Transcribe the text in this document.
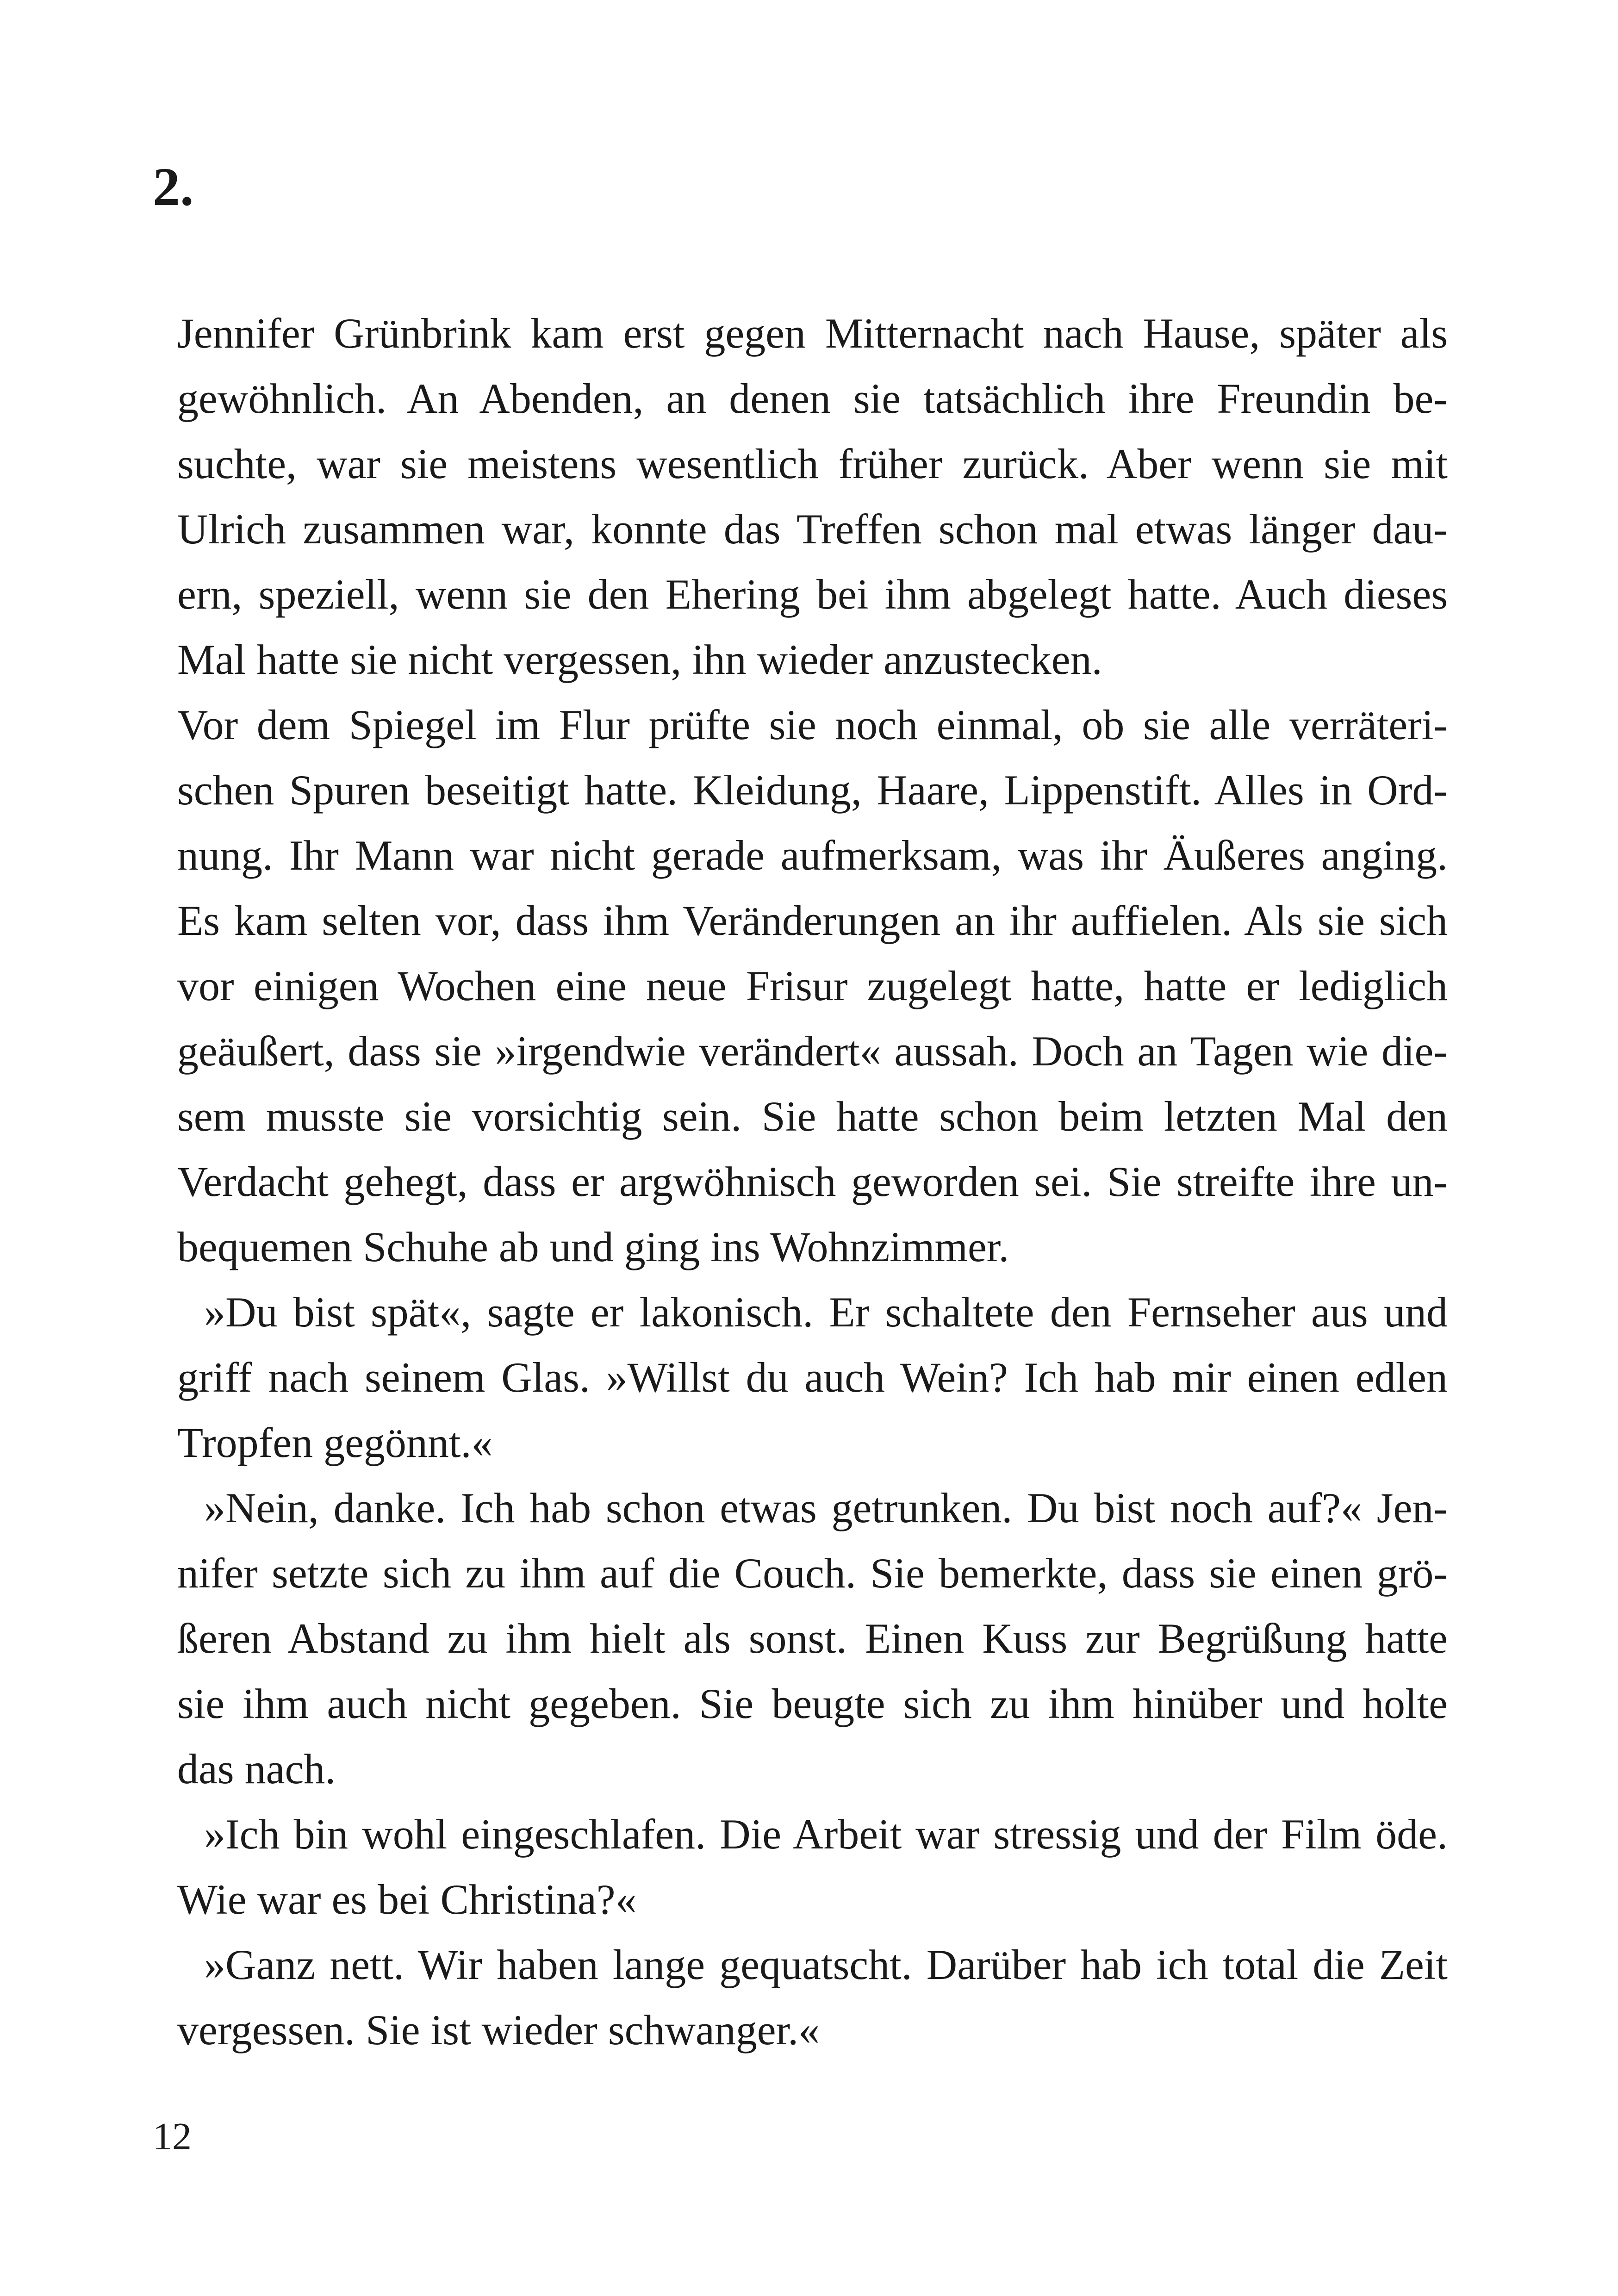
2.

Jennifer Grünbrink kam erst gegen Mitternacht nach Hause, später als
gewöhnlich. An Abenden, an denen sie tatsächlich ihre Freundin be-
suchte, war sie meistens wesentlich früher zurück. Aber wenn sie mit
Ulrich zusammen war, konnte das Treffen schon mal etwas länger dau-
ern, speziell, wenn sie den Ehering bei ihm abgelegt hatte. Auch dieses
Mal hatte sie nicht vergessen, ihn wieder anzustecken.

Vor dem Spiegel im Flur prüfte sie noch einmal, ob sie alle verräteri-
schen Spuren beseitigt hatte. Kleidung, Haare, Lippenstift. Alles in Ord-
nung. Ihr Mann war nicht gerade aufmerksam, was ihr Äußeres anging.
Es kam selten vor, dass ihm Veränderungen an ihr auffielen. Als sie sich
vor einigen Wochen eine neue Frisur zugelegt hatte, hatte er lediglich
geäußert, dass sie »irgendwie verändert« aussah. Doch an Tagen wie die-
sem musste sie vorsichtig sein. Sie hatte schon beim letzten Mal den
Verdacht gehegt, dass er argwöhnisch geworden sei. Sie streifte ihre un-
bequemen Schuhe ab und ging ins Wohnzimmer.

»Du bist spät«, sagte er lakonisch. Er schaltete den Fernseher aus und
griff nach seinem Glas. »Willst du auch Wein? Ich hab mir einen edlen
Tropfen gegönnt.«

»Nein, danke. Ich hab schon etwas getrunken. Du bist noch auf?« Jen-
nifer setzte sich zu ihm auf die Couch. Sie bemerkte, dass sie einen grö-
ßeren Abstand zu ihm hielt als sonst. Einen Kuss zur Begrüßung hatte
sie ihm auch nicht gegeben. Sie beugte sich zu ihm hinüber und holte
das nach.

»Ich bin wohl eingeschlafen. Die Arbeit war stressig und der Film öde.
Wie war es bei Christina?«

»Ganz nett. Wir haben lange gequatscht. Darüber hab ich total die Zeit
vergessen. Sie ist wieder schwanger.«

12
